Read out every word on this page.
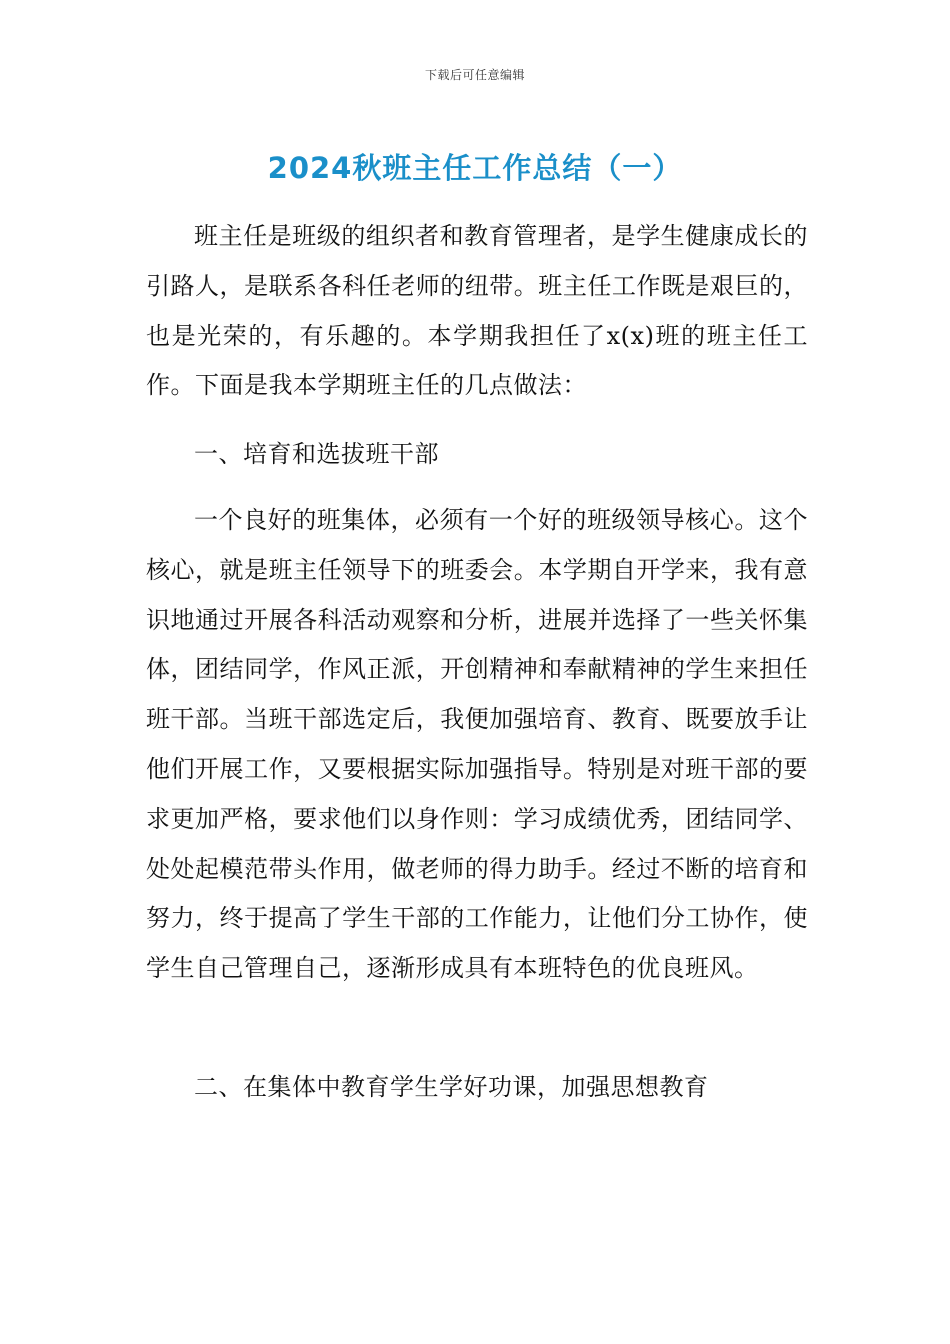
下载后可任意编辑
2024秋班主任工作总结（一）

班主任是班级的组织者和教育管理者，是学生健康成长的引路人，是联系各科任老师的纽带。班主任工作既是艰巨的，也是光荣的，有乐趣的。本学期我担任了x(x)班的班主任工作。下面是我本学期班主任的几点做法：

一、培育和选拔班干部

一个良好的班集体，必须有一个好的班级领导核心。这个核心，就是班主任领导下的班委会。本学期自开学来，我有意识地通过开展各科活动观察和分析，进展并选择了一些关怀集体，团结同学，作风正派，开创精神和奉献精神的学生来担任班干部。当班干部选定后，我便加强培育、教育、既要放手让他们开展工作，又要根据实际加强指导。特别是对班干部的要求更加严格，要求他们以身作则：学习成绩优秀，团结同学、处处起模范带头作用，做老师的得力助手。经过不断的培育和努力，终于提高了学生干部的工作能力，让他们分工协作，使学生自己管理自己，逐渐形成具有本班特色的优良班风。

二、在集体中教育学生学好功课，加强思想教育
